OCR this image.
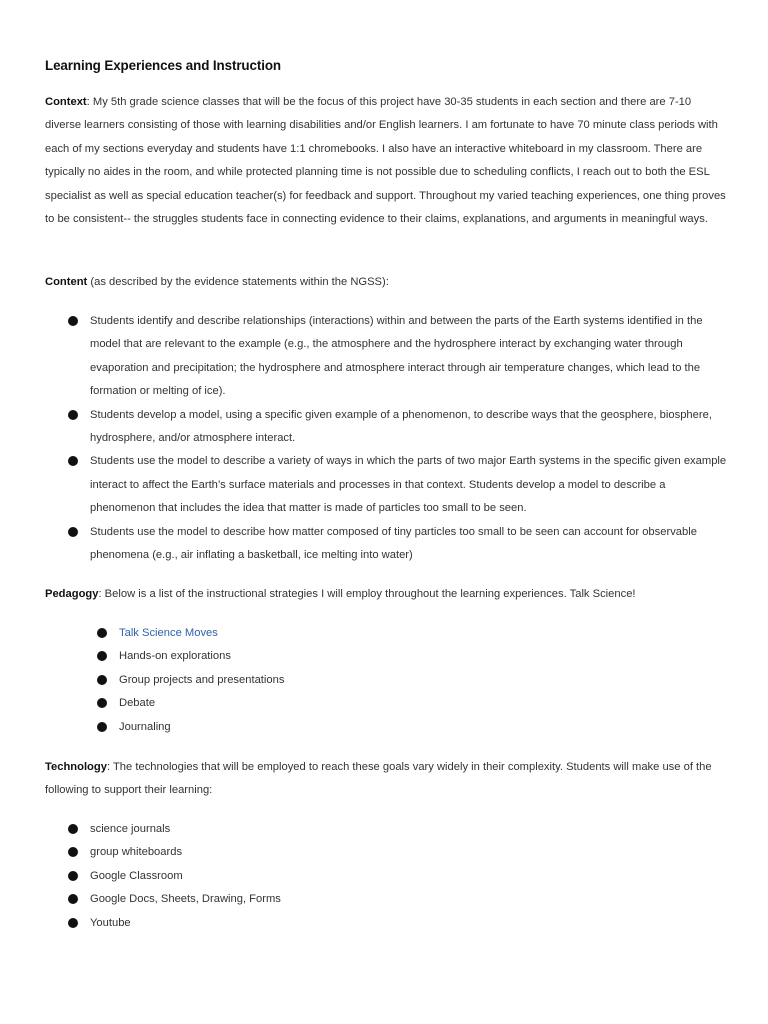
Learning Experiences and Instruction

Context: My 5th grade science classes that will be the focus of this project have 30-35 students in each section and there are 7-10 diverse learners consisting of those with learning disabilities and/or English learners. I am fortunate to have 70 minute class periods with each of my sections everyday and students have 1:1 chromebooks. I also have an interactive whiteboard in my classroom. There are typically no aides in the room, and while protected planning time is not possible due to scheduling conflicts, I reach out to both the ESL specialist as well as special education teacher(s) for feedback and support. Throughout my varied teaching experiences, one thing proves to be consistent-- the struggles students face in connecting evidence to their claims, explanations, and arguments in meaningful ways.

Content (as described by the evidence statements within the NGSS):

Students identify and describe relationships (interactions) within and between the parts of the Earth systems identified in the model that are relevant to the example (e.g., the atmosphere and the hydrosphere interact by exchanging water through evaporation and precipitation; the hydrosphere and atmosphere interact through air temperature changes, which lead to the formation or melting of ice).
Students develop a model, using a specific given example of a phenomenon, to describe ways that the geosphere, biosphere, hydrosphere, and/or atmosphere interact.
Students use the model to describe a variety of ways in which the parts of two major Earth systems in the specific given example interact to affect the Earth’s surface materials and processes in that context. Students develop a model to describe a phenomenon that includes the idea that matter is made of particles too small to be seen.
Students use the model to describe how matter composed of tiny particles too small to be seen can account for observable phenomena (e.g., air inflating a basketball, ice melting into water)

Pedagogy: Below is a list of the instructional strategies I will employ throughout the learning experiences. Talk Science!

Talk Science Moves
Hands-on explorations
Group projects and presentations
Debate
Journaling

Technology: The technologies that will be employed to reach these goals vary widely in their complexity. Students will make use of the following to support their learning:

science journals
group whiteboards
Google Classroom
Google Docs, Sheets, Drawing, Forms
Youtube
